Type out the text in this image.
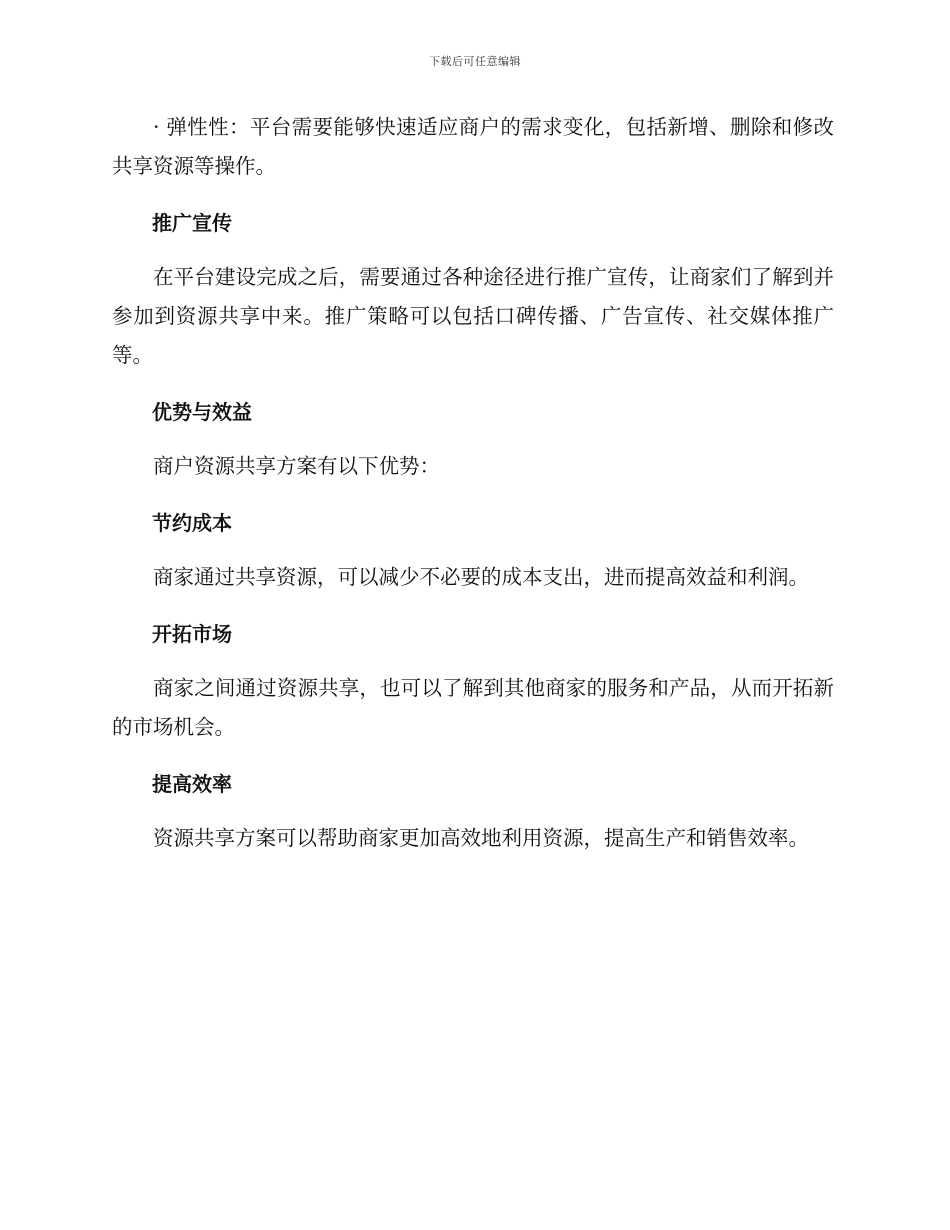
下载后可任意编辑

· 弹性性：平台需要能够快速适应商户的需求变化，包括新增、删除和修改共享资源等操作。

推广宣传

在平台建设完成之后，需要通过各种途径进行推广宣传，让商家们了解到并参加到资源共享中来。推广策略可以包括口碑传播、广告宣传、社交媒体推广等。

优势与效益

商户资源共享方案有以下优势：

节约成本

商家通过共享资源，可以减少不必要的成本支出，进而提高效益和利润。

开拓市场

商家之间通过资源共享，也可以了解到其他商家的服务和产品，从而开拓新的市场机会。

提高效率

资源共享方案可以帮助商家更加高效地利用资源，提高生产和销售效率。
